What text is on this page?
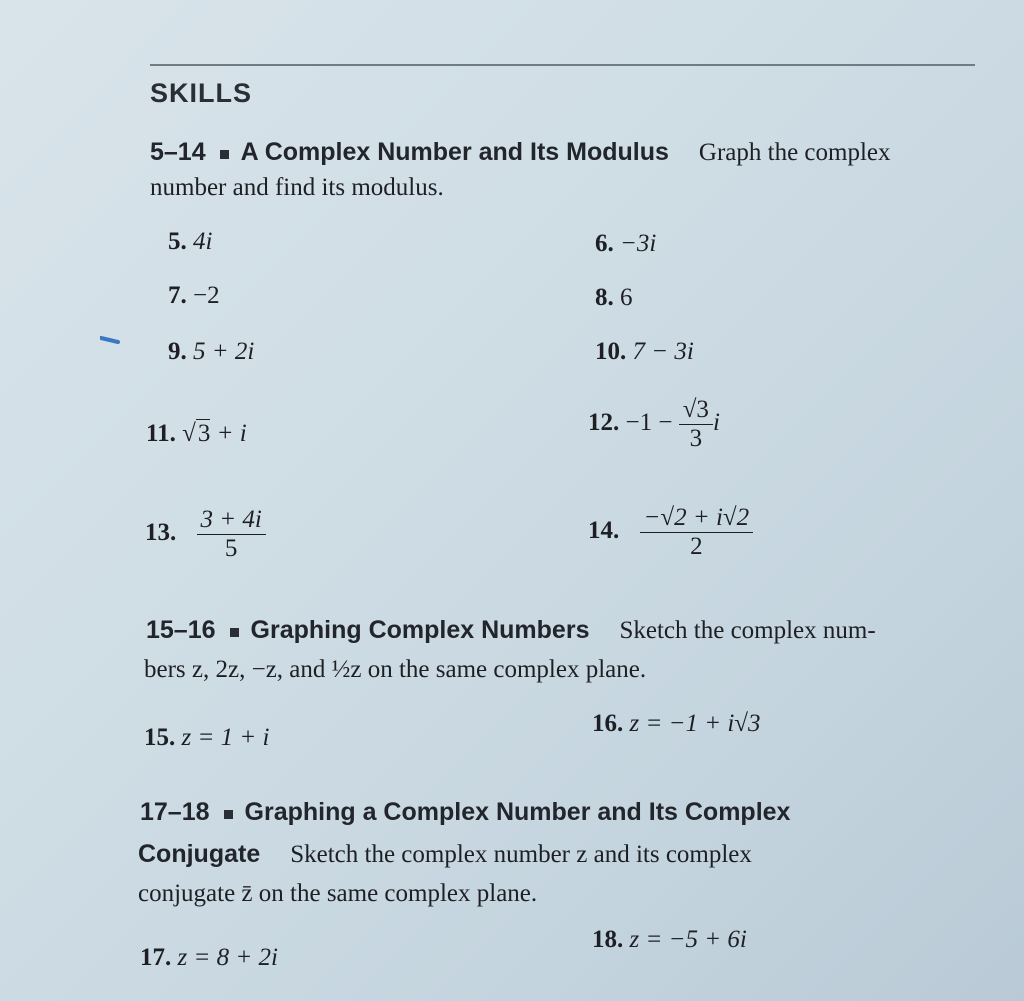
SKILLS
5–14 A Complex Number and Its Modulus Graph the complex
number and find its modulus.
5. 4i	6. −3i
7. −2	8. 6
9. 5 + 2i	10. 7 − 3i
11. √3 + i	12. $-1 - \frac{√3}{3}$ i
13. $\frac{3 + 4i}{5}$	14. $\frac{-√2 + i√2}{2}$
15–16 Graphing Complex Numbers Sketch the complex num-
bers z, 2z, −z, and ½z on the same complex plane.
15. z = 1 + i
16. z = −1 + i√3
17–18 Graphing a Complex Number and Its Complex
Conjugate Sketch the complex number z and its complex
conjugate z̄ on the same complex plane.
17. z = 8 + 2i
18. z = −5 + 6i
